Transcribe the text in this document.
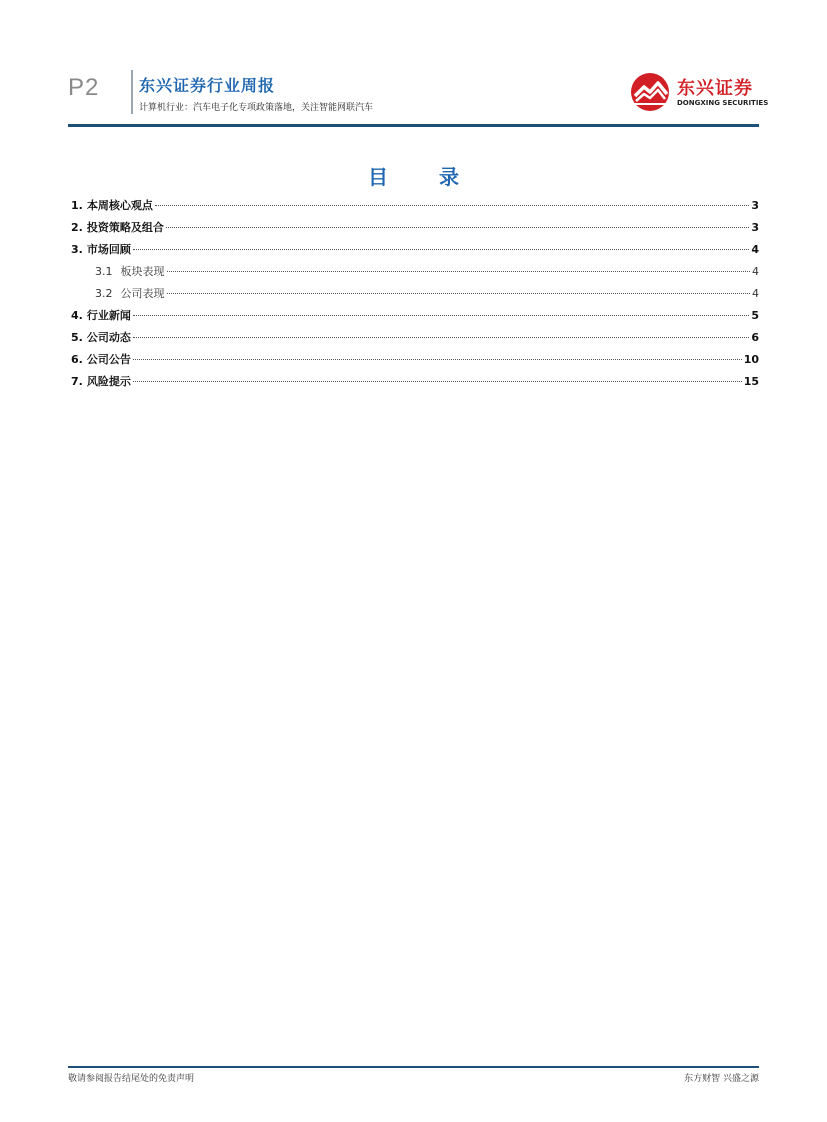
P2 东兴证券行业周报
计算机行业：汽车电子化专项政策落地，关注智能网联汽车
东兴证券
DONGXING SECURITIES
目 录
1. 本周核心观点	3
2. 投资策略及组合	3
3. 市场回顾	4
3.1 板块表现	4
3.2 公司表现	4
4. 行业新闻	5
5. 公司动态	6
6. 公司公告	10
7. 风险提示	15
敬请参阅报告结尾处的免责声明	东方财智 兴盛之源
